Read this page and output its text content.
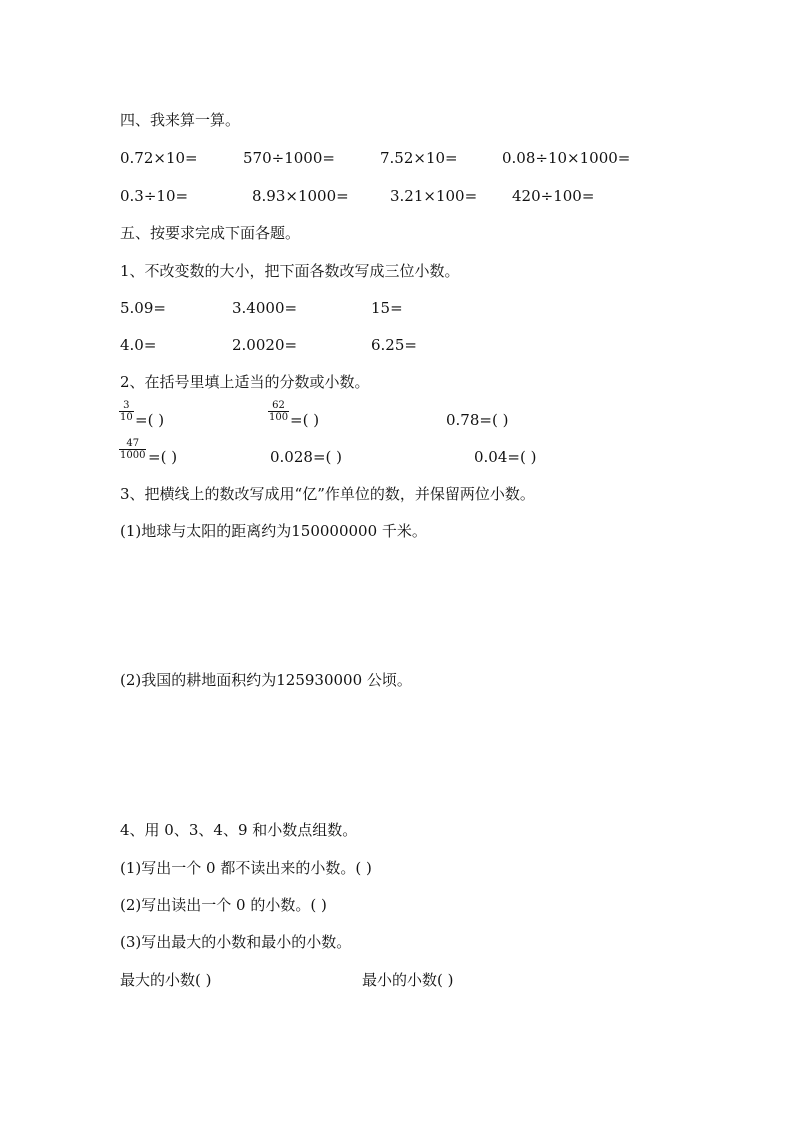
四、我来算一算。
0.72×10=	570÷1000=	7.52×10=	0.08÷10×1000=
0.3÷10=	8.93×1000=	3.21×100= 420÷100=
五、按要求完成下面各题。
1、不改变数的大小，把下面各数改写成三位小数。
5.09=	3.4000=	15=
4.0=	2.0020=	6.25=
2、在括号里填上适当的分数或小数。
3
10 =( )
62
100 =( )	0.78=( )
47
1000 =( )	0.028=( )	0.04=( )
3、把横线上的数改写成用“亿”作单位的数，并保留两位小数。
(1)地球与太阳的距离约为150000000 千米。
(2)我国的耕地面积约为125930000 公顷。
4、用 0、3、4、9 和小数点组数。
(1)写出一个 0 都不读出来的小数。( )
(2)写出读出一个 0 的小数。( )
(3)写出最大的小数和最小的小数。
最大的小数( )	最小的小数( )
